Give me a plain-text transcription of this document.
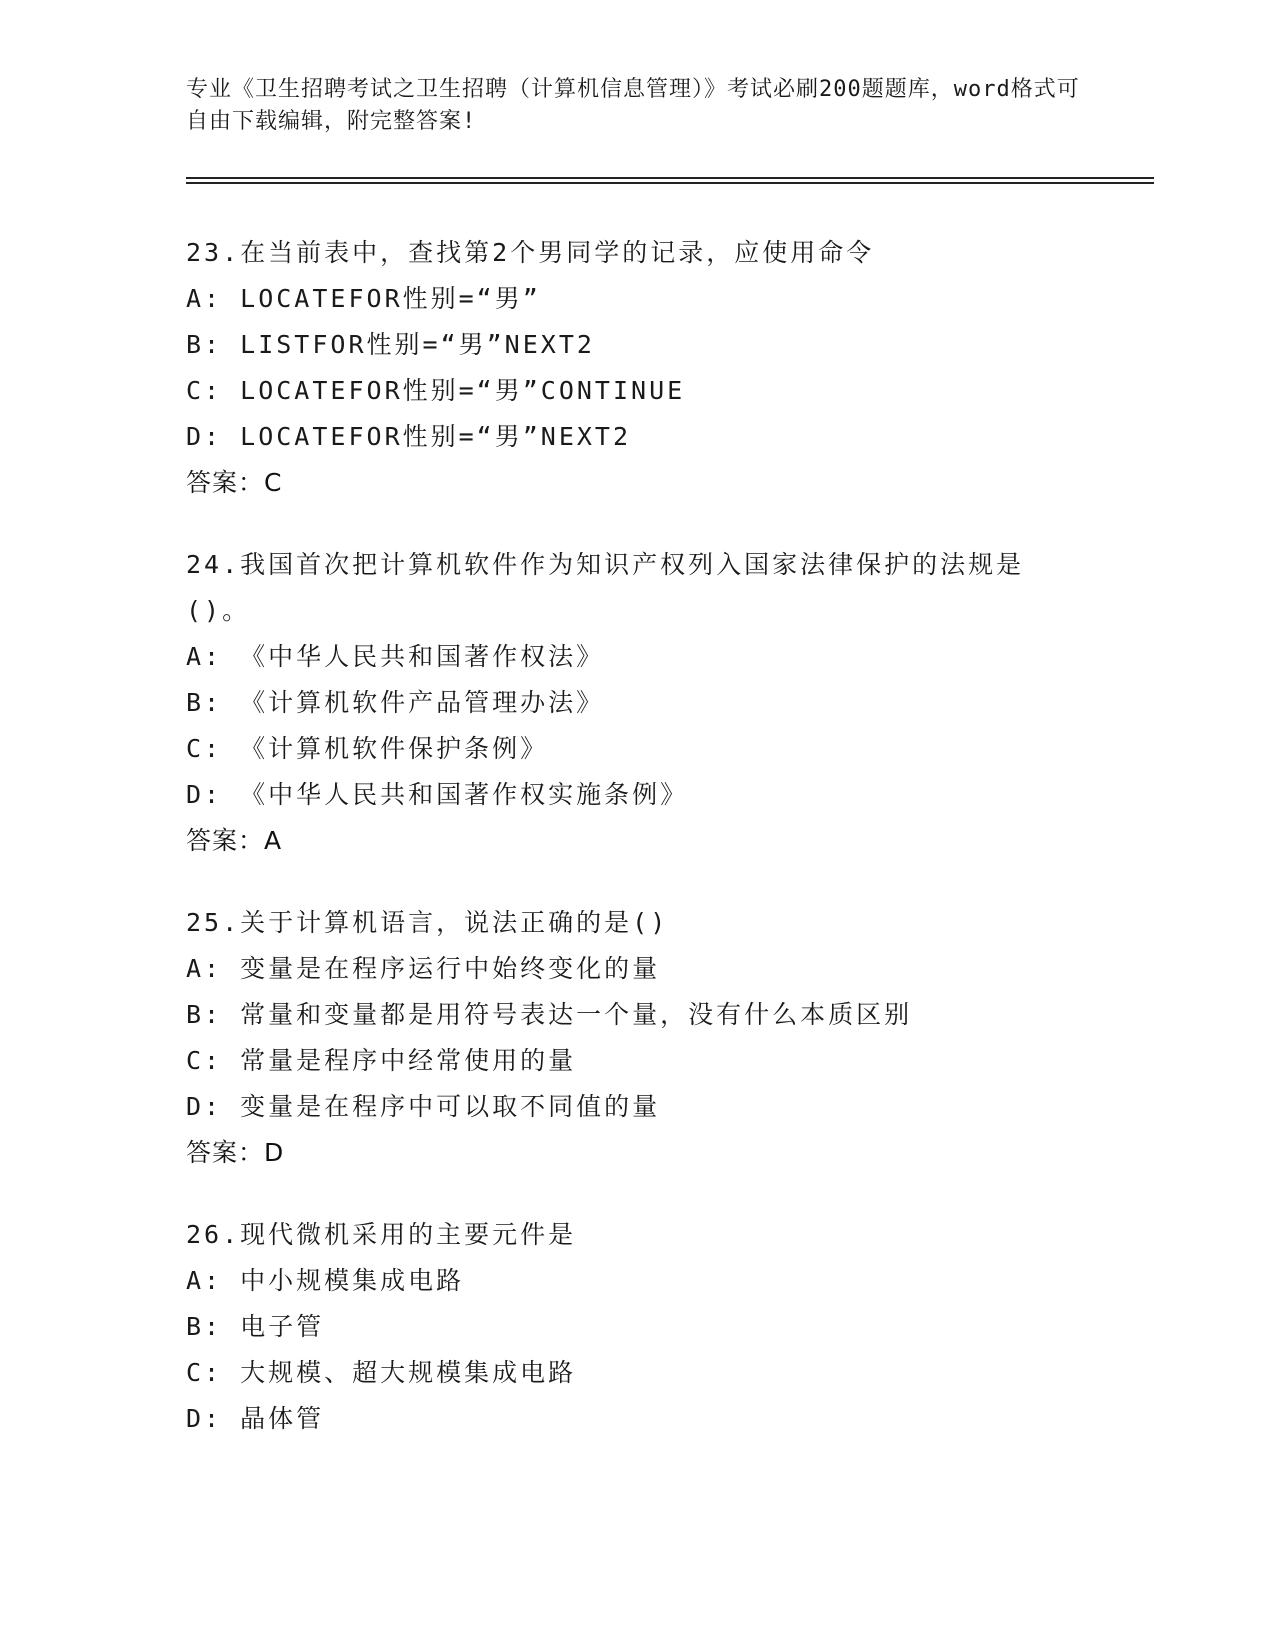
专业《卫生招聘考试之卫生招聘（计算机信息管理）》考试必刷200题题库，word格式可自由下载编辑，附完整答案!
23.在当前表中，查找第2个男同学的记录，应使用命令
A: LOCATEFOR性别=“男”
B: LISTFOR性别=“男”NEXT2
C: LOCATEFOR性别=“男”CONTINUE
D: LOCATEFOR性别=“男”NEXT2
答案：C
24.我国首次把计算机软件作为知识产权列入国家法律保护的法规是()。
A: 《中华人民共和国著作权法》
B: 《计算机软件产品管理办法》
C: 《计算机软件保护条例》
D: 《中华人民共和国著作权实施条例》
答案：A
25.关于计算机语言，说法正确的是()
A: 变量是在程序运行中始终变化的量
B: 常量和变量都是用符号表达一个量，没有什么本质区别
C: 常量是程序中经常使用的量
D: 变量是在程序中可以取不同值的量
答案：D
26.现代微机采用的主要元件是
A: 中小规模集成电路
B: 电子管
C: 大规模、超大规模集成电路
D: 晶体管
